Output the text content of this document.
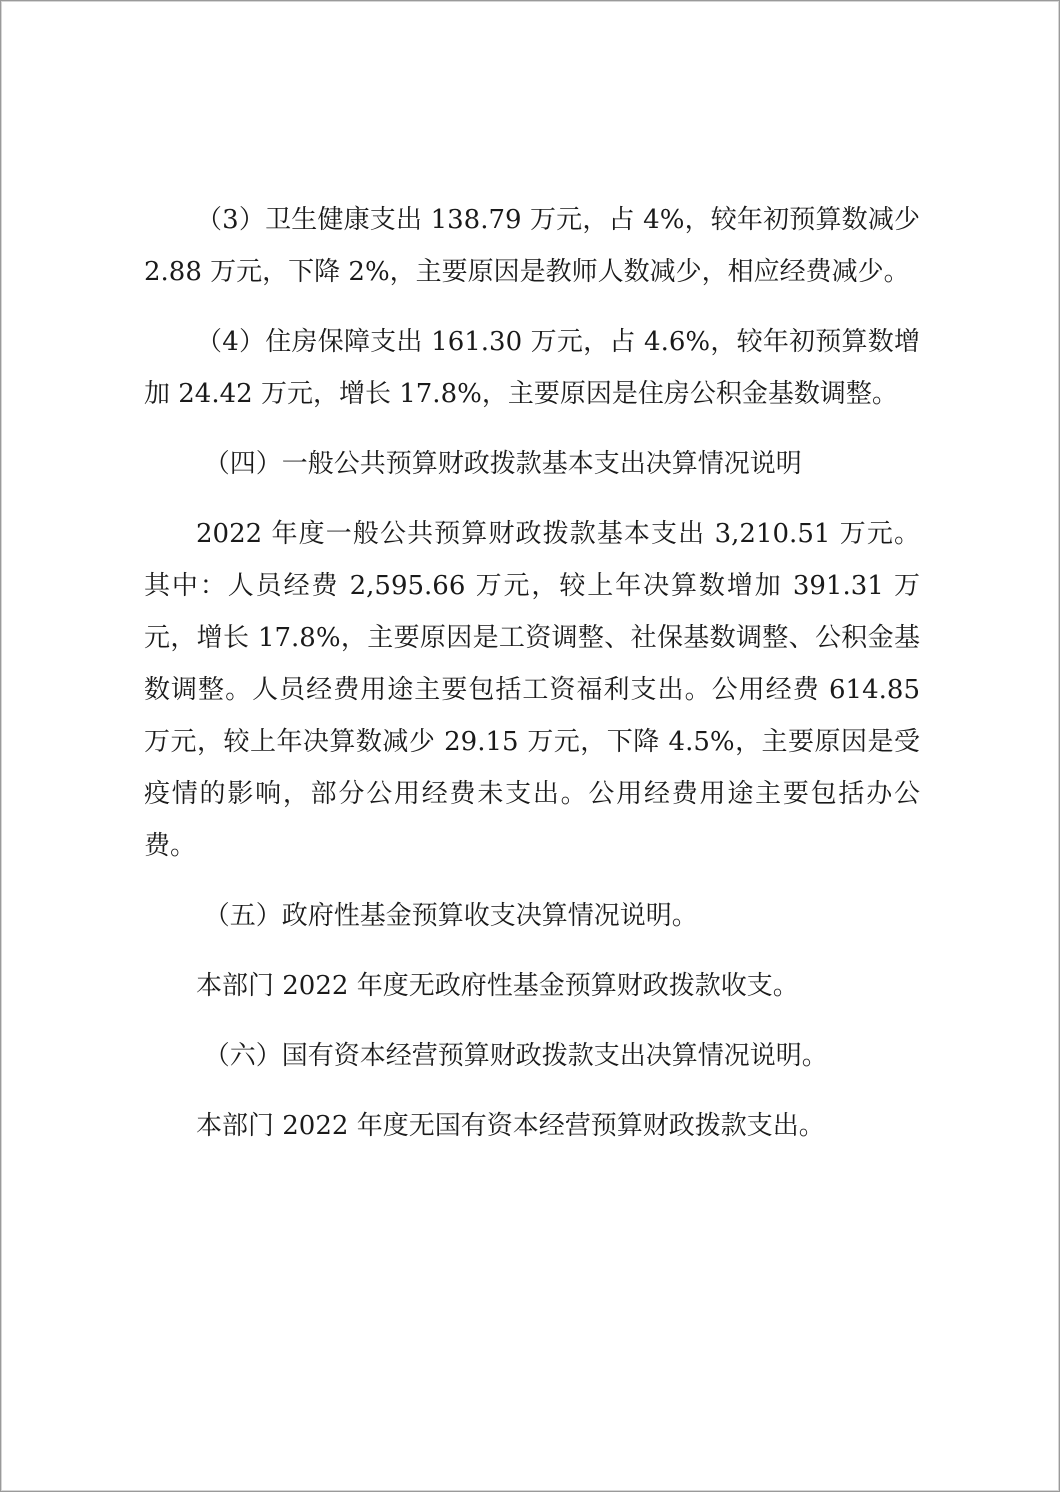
（3）卫生健康支出 138.79 万元，占 4%，较年初预算数减少 2.88 万元，下降 2%，主要原因是教师人数减少，相应经费减少。

（4）住房保障支出 161.30 万元，占 4.6%，较年初预算数增加 24.42 万元，增长 17.8%，主要原因是住房公积金基数调整。

（四）一般公共预算财政拨款基本支出决算情况说明

2022 年度一般公共预算财政拨款基本支出 3,210.51 万元。其中：人员经费 2,595.66 万元，较上年决算数增加 391.31 万元，增长 17.8%，主要原因是工资调整、社保基数调整、公积金基数调整。人员经费用途主要包括工资福利支出。公用经费 614.85 万元，较上年决算数减少 29.15 万元，下降 4.5%，主要原因是受疫情的影响，部分公用经费未支出。公用经费用途主要包括办公费。

（五）政府性基金预算收支决算情况说明。

本部门 2022 年度无政府性基金预算财政拨款收支。

（六）国有资本经营预算财政拨款支出决算情况说明。

本部门 2022 年度无国有资本经营预算财政拨款支出。
